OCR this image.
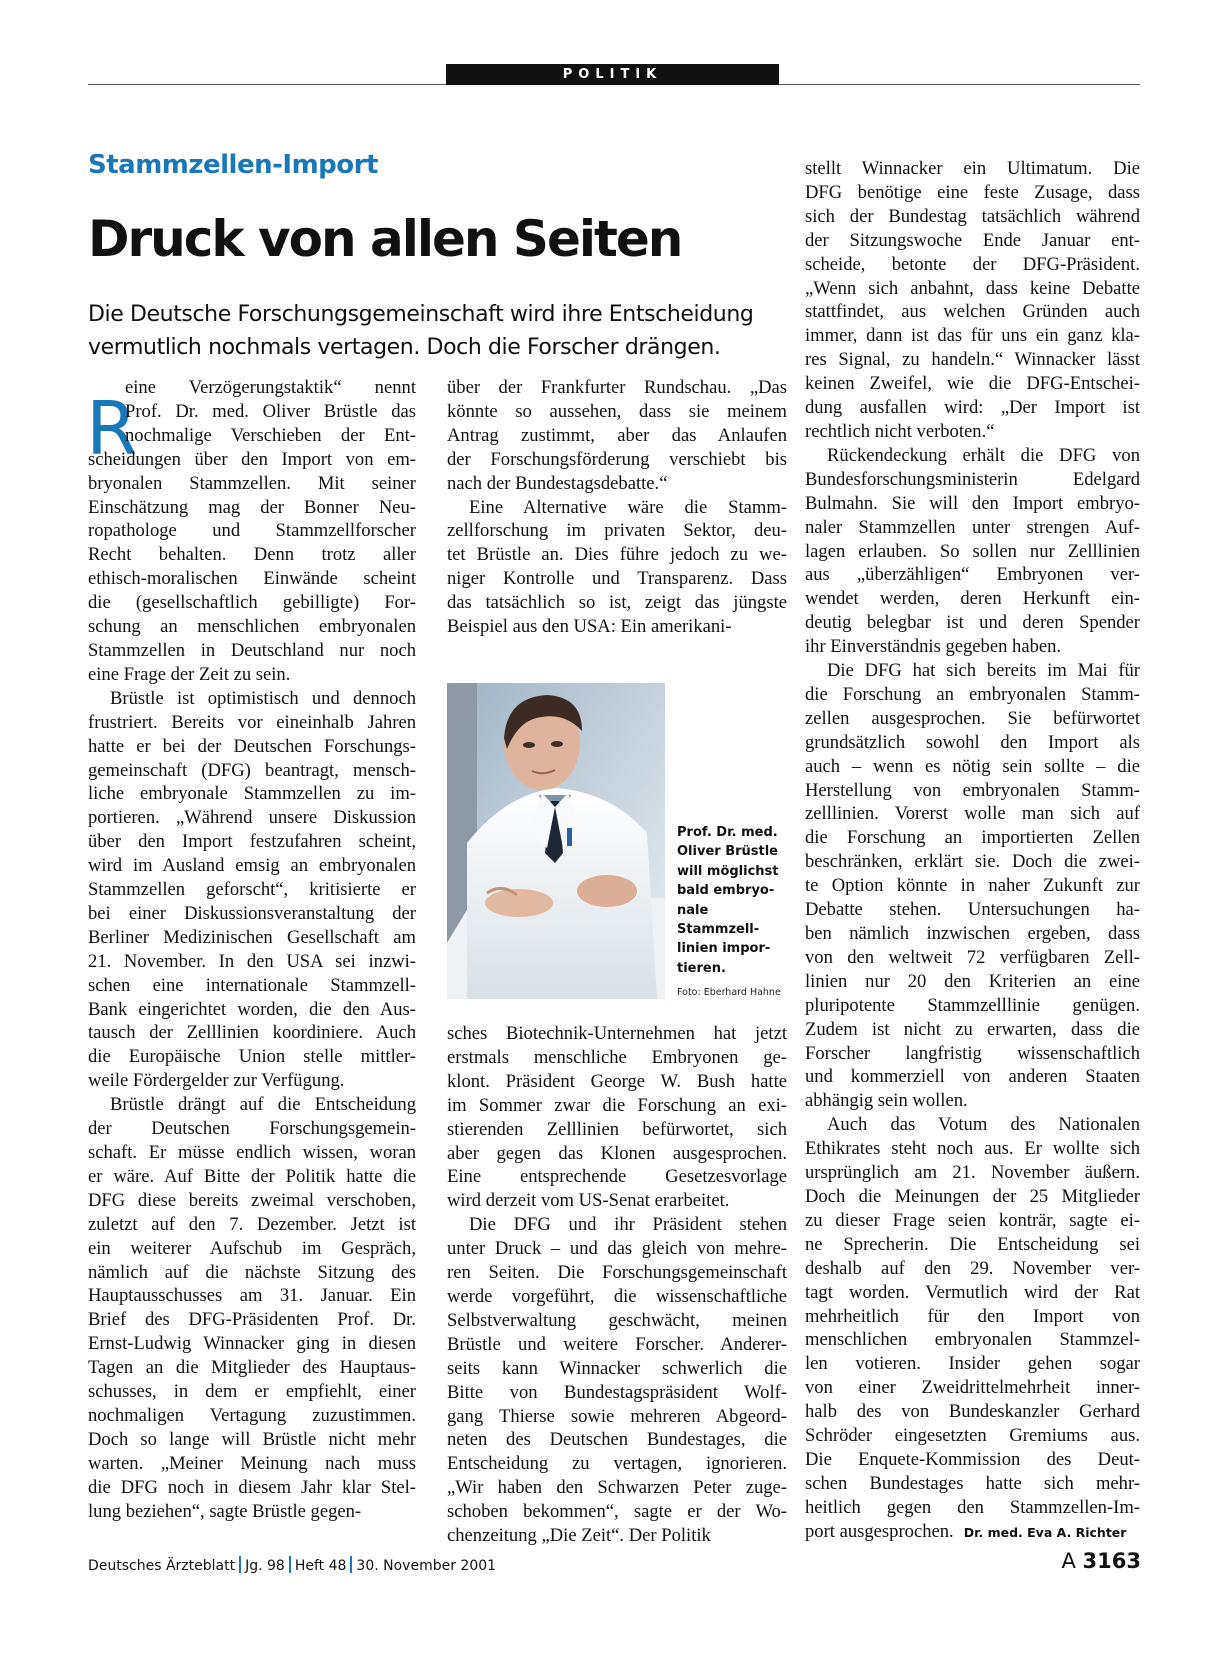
POLITIK
Stammzellen-Import
Druck von allen Seiten
Die Deutsche Forschungsgemeinschaft wird ihre Entscheidung
vermutlich nochmals vertagen. Doch die Forscher drängen.
R
eine Verzögerungstaktik“ nennt
Prof. Dr. med. Oliver Brüstle das
nochmalige Verschieben der Ent-
scheidungen über den Import von em-
bryonalen Stammzellen. Mit seiner
Einschätzung mag der Bonner Neu-
ropathologe und Stammzellforscher
Recht behalten. Denn trotz aller
ethisch-moralischen Einwände scheint
die (gesellschaftlich gebilligte) For-
schung an menschlichen embryonalen
Stammzellen in Deutschland nur noch
eine Frage der Zeit zu sein.
Brüstle ist optimistisch und dennoch
frustriert. Bereits vor eineinhalb Jahren
hatte er bei der Deutschen Forschungs-
gemeinschaft (DFG) beantragt, mensch-
liche embryonale Stammzellen zu im-
portieren. „Während unsere Diskussion
über den Import festzufahren scheint,
wird im Ausland emsig an embryonalen
Stammzellen geforscht“, kritisierte er
bei einer Diskussionsveranstaltung der
Berliner Medizinischen Gesellschaft am
21. November. In den USA sei inzwi-
schen eine internationale Stammzell-
Bank eingerichtet worden, die den Aus-
tausch der Zelllinien koordiniere. Auch
die Europäische Union stelle mittler-
weile Fördergelder zur Verfügung.
Brüstle drängt auf die Entscheidung
der Deutschen Forschungsgemein-
schaft. Er müsse endlich wissen, woran
er wäre. Auf Bitte der Politik hatte die
DFG diese bereits zweimal verschoben,
zuletzt auf den 7. Dezember. Jetzt ist
ein weiterer Aufschub im Gespräch,
nämlich auf die nächste Sitzung des
Hauptausschusses am 31. Januar. Ein
Brief des DFG-Präsidenten Prof. Dr.
Ernst-Ludwig Winnacker ging in diesen
Tagen an die Mitglieder des Hauptaus-
schusses, in dem er empfiehlt, einer
nochmaligen Vertagung zuzustimmen.
Doch so lange will Brüstle nicht mehr
warten. „Meiner Meinung nach muss
die DFG noch in diesem Jahr klar Stel-
lung beziehen“, sagte Brüstle gegen-
über der Frankfurter Rundschau. „Das
könnte so aussehen, dass sie meinem
Antrag zustimmt, aber das Anlaufen
der Forschungsförderung verschiebt bis
nach der Bundestagsdebatte.“
Eine Alternative wäre die Stamm-
zellforschung im privaten Sektor, deu-
tet Brüstle an. Dies führe jedoch zu we-
niger Kontrolle und Transparenz. Dass
das tatsächlich so ist, zeigt das jüngste
Beispiel aus den USA: Ein amerikani-
Prof. Dr. med.
Oliver Brüstle
will möglichst
bald embryo-
nale
Stammzell-
linien impor-
tieren.
Foto: Eberhard Hahne
sches Biotechnik-Unternehmen hat jetzt
erstmals menschliche Embryonen ge-
klont. Präsident George W. Bush hatte
im Sommer zwar die Forschung an exi-
stierenden Zelllinien befürwortet, sich
aber gegen das Klonen ausgesprochen.
Eine entsprechende Gesetzesvorlage
wird derzeit vom US-Senat erarbeitet.
Die DFG und ihr Präsident stehen
unter Druck – und das gleich von mehre-
ren Seiten. Die Forschungsgemeinschaft
werde vorgeführt, die wissenschaftliche
Selbstverwaltung geschwächt, meinen
Brüstle und weitere Forscher. Anderer-
seits kann Winnacker schwerlich die
Bitte von Bundestagspräsident Wolf-
gang Thierse sowie mehreren Abgeord-
neten des Deutschen Bundestages, die
Entscheidung zu vertagen, ignorieren.
„Wir haben den Schwarzen Peter zuge-
schoben bekommen“, sagte er der Wo-
chenzeitung „Die Zeit“. Der Politik
stellt Winnacker ein Ultimatum. Die
DFG benötige eine feste Zusage, dass
sich der Bundestag tatsächlich während
der Sitzungswoche Ende Januar ent-
scheide, betonte der DFG-Präsident.
„Wenn sich anbahnt, dass keine Debatte
stattfindet, aus welchen Gründen auch
immer, dann ist das für uns ein ganz kla-
res Signal, zu handeln.“ Winnacker lässt
keinen Zweifel, wie die DFG-Entschei-
dung ausfallen wird: „Der Import ist
rechtlich nicht verboten.“
Rückendeckung erhält die DFG von
Bundesforschungsministerin Edelgard
Bulmahn. Sie will den Import embryo-
naler Stammzellen unter strengen Auf-
lagen erlauben. So sollen nur Zelllinien
aus „überzähligen“ Embryonen ver-
wendet werden, deren Herkunft ein-
deutig belegbar ist und deren Spender
ihr Einverständnis gegeben haben.
Die DFG hat sich bereits im Mai für
die Forschung an embryonalen Stamm-
zellen ausgesprochen. Sie befürwortet
grundsätzlich sowohl den Import als
auch – wenn es nötig sein sollte – die
Herstellung von embryonalen Stamm-
zelllinien. Vorerst wolle man sich auf
die Forschung an importierten Zellen
beschränken, erklärt sie. Doch die zwei-
te Option könnte in naher Zukunft zur
Debatte stehen. Untersuchungen ha-
ben nämlich inzwischen ergeben, dass
von den weltweit 72 verfügbaren Zell-
linien nur 20 den Kriterien an eine
pluripotente Stammzelllinie genügen.
Zudem ist nicht zu erwarten, dass die
Forscher langfristig wissenschaftlich
und kommerziell von anderen Staaten
abhängig sein wollen.
Auch das Votum des Nationalen
Ethikrates steht noch aus. Er wollte sich
ursprünglich am 21. November äußern.
Doch die Meinungen der 25 Mitglieder
zu dieser Frage seien konträr, sagte ei-
ne Sprecherin. Die Entscheidung sei
deshalb auf den 29. November ver-
tagt worden. Vermutlich wird der Rat
mehrheitlich für den Import von
menschlichen embryonalen Stammzel-
len votieren. Insider gehen sogar
von einer Zweidrittelmehrheit inner-
halb des von Bundeskanzler Gerhard
Schröder eingesetzten Gremiums aus.
Die Enquete-Kommission des Deut-
schen Bundestages hatte sich mehr-
heitlich gegen den Stammzellen-Im-
port ausgesprochen. Dr. med. Eva A. Richter
Deutsches Ärzteblatt Jg. 98 Heft 48 30. November 2001	A 3163
